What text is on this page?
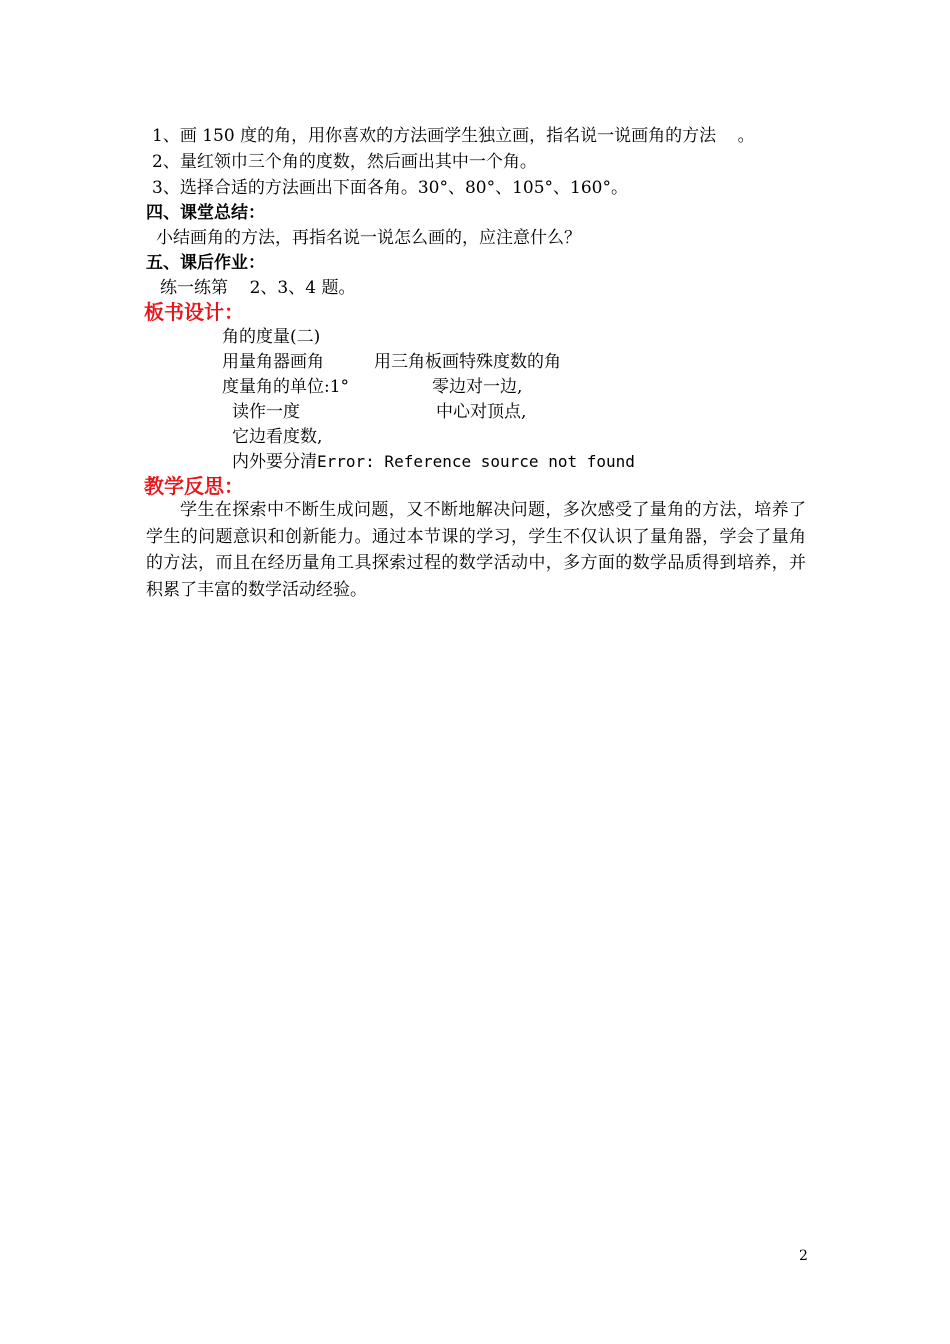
1、画 150 度的角，用你喜欢的方法画学生独立画，指名说一说画角的方法    。
2、量红领巾三个角的度数，然后画出其中一个角。
3、选择合适的方法画出下面各角。30°、80°、105°、160°。
四、课堂总结：
小结画角的方法，再指名说一说怎么画的，应注意什么？
五、课后作业：
练一练第    2、3、4 题。
板书设计：
角的度量(二)
用量角器画角	用三角板画特殊度数的角
度量角的单位:1°	零边对一边,
读作一度	中心对顶点,
它边看度数,
内外要分清Error: Reference source not found
教学反思：
学生在探索中不断生成问题，又不断地解决问题，多次感受了量角的方法，培养了学生的问题意识和创新能力。通过本节课的学习，学生不仅认识了量角器，学会了量角的方法，而且在经历量角工具探索过程的数学活动中，多方面的数学品质得到培养，并积累了丰富的数学活动经验。
2
